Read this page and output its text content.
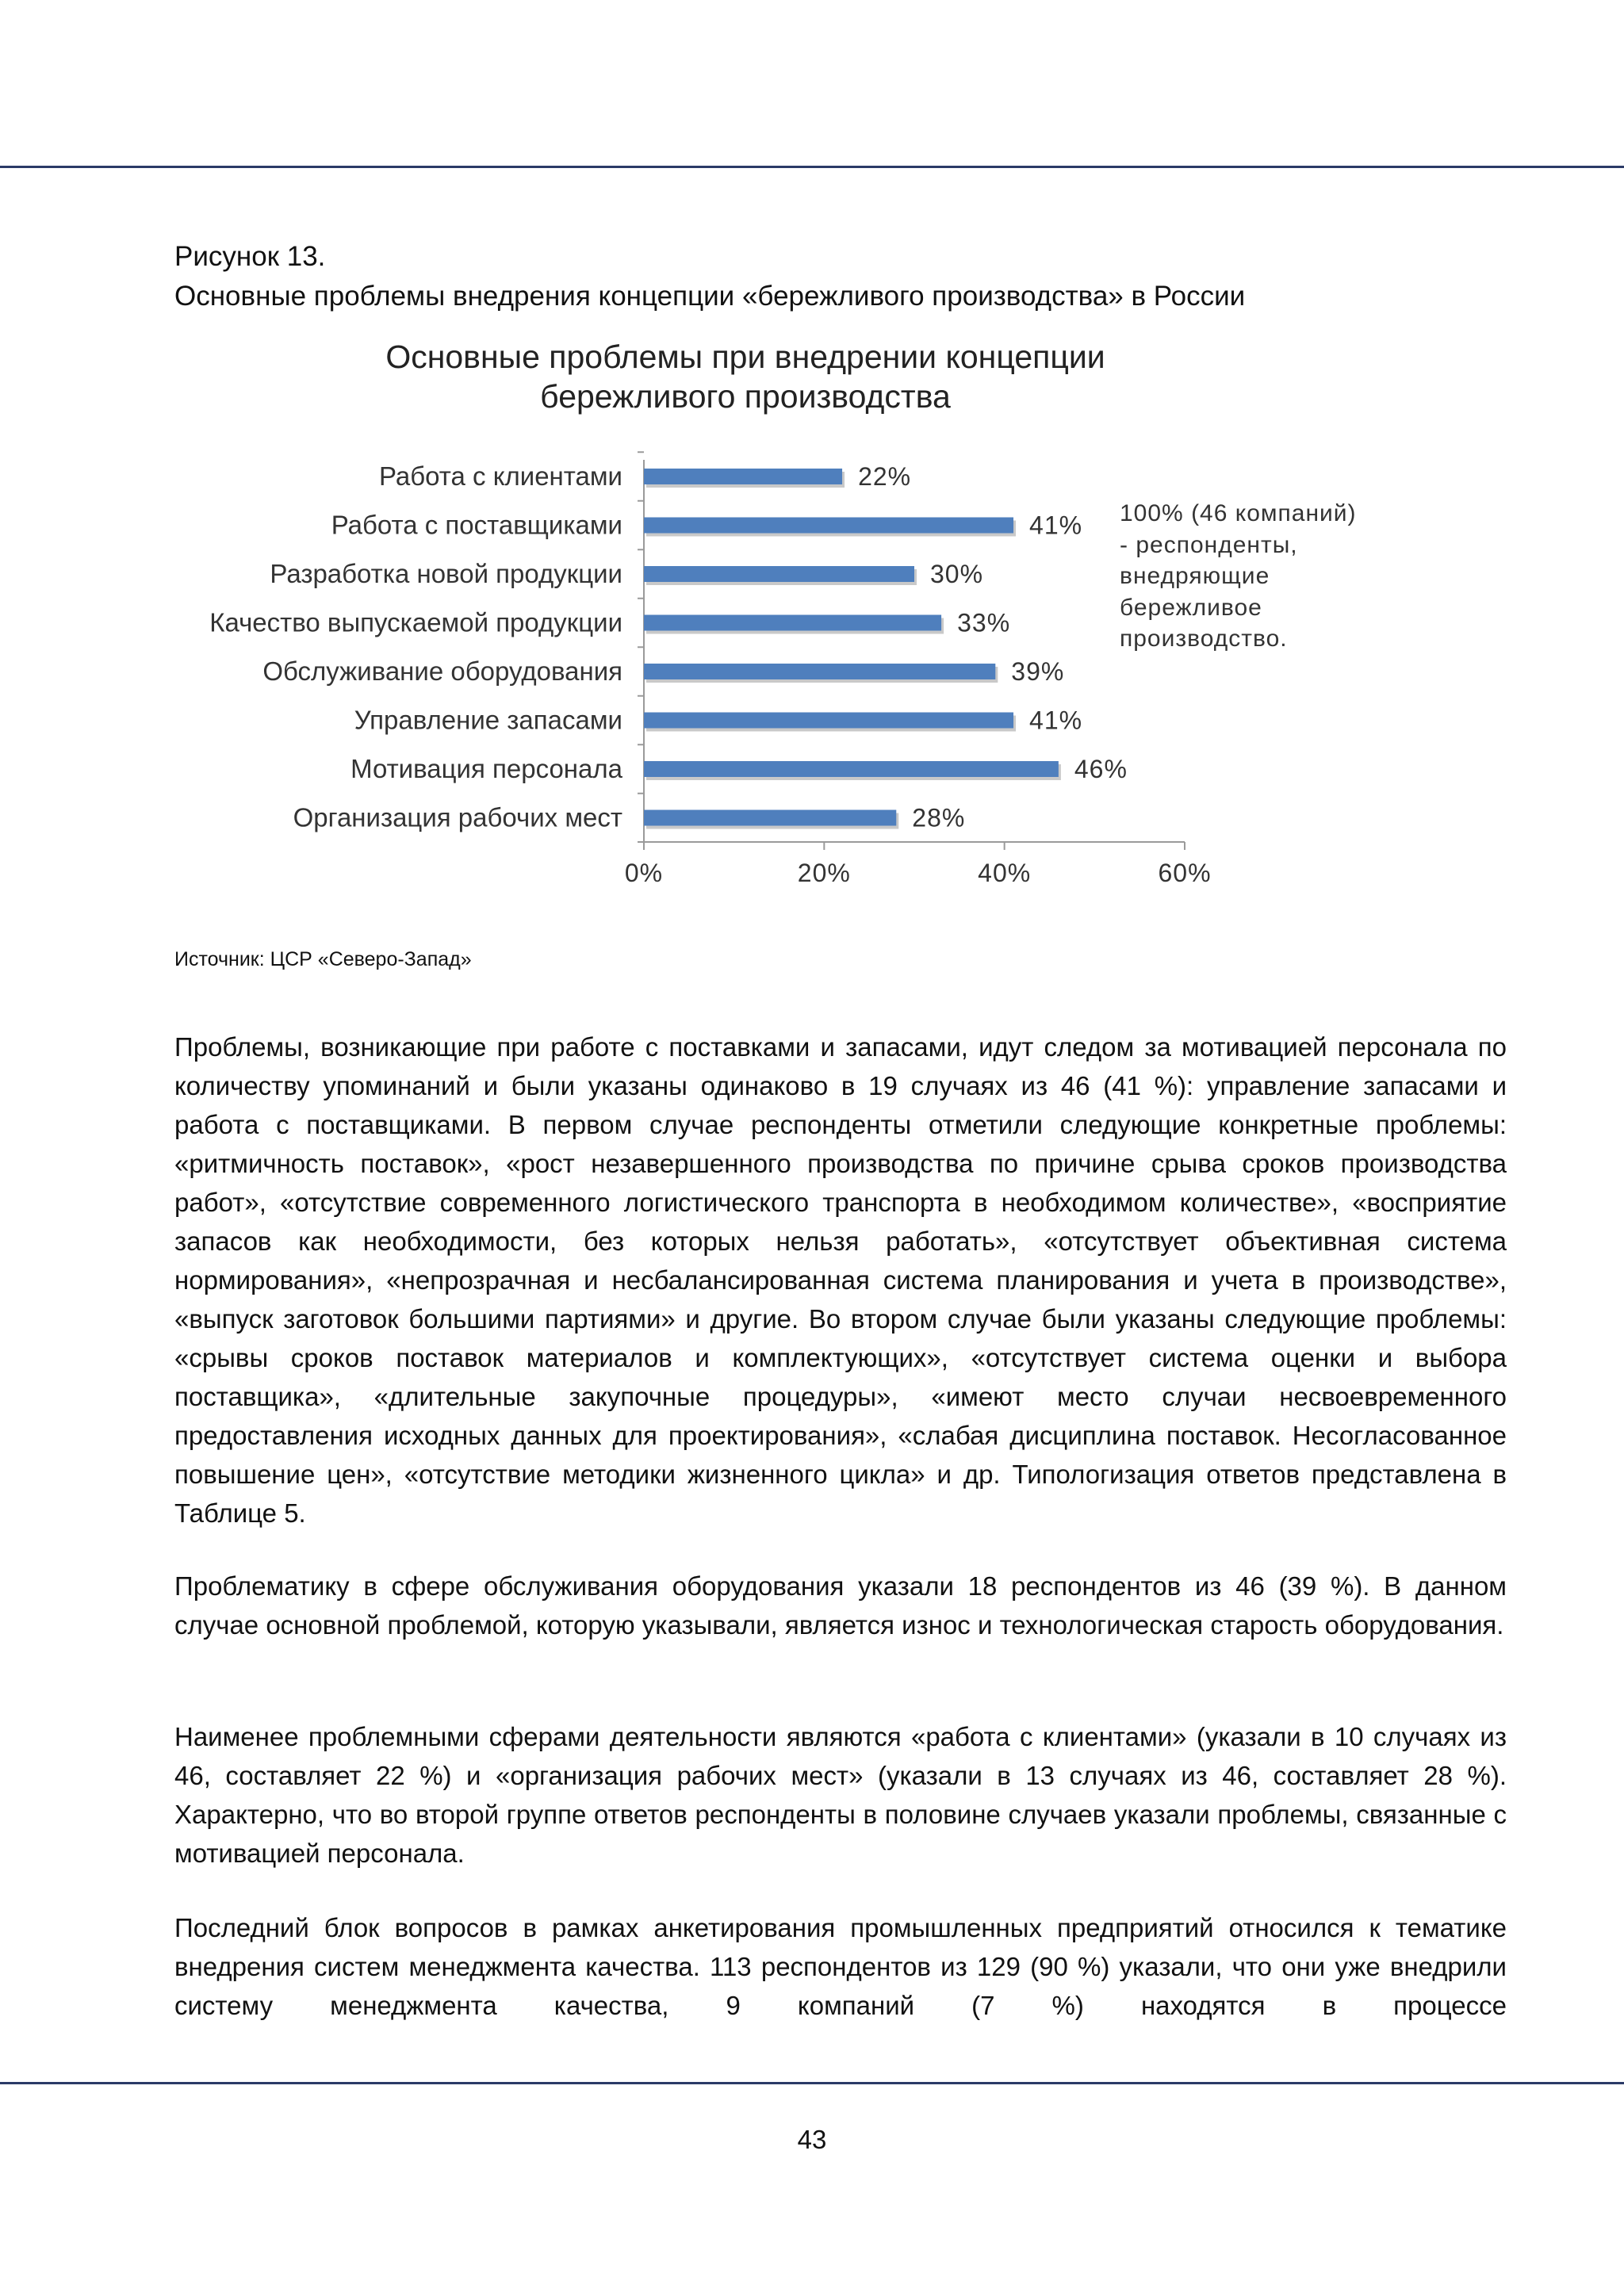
Рисунок 13.
Основные проблемы внедрения концепции «бережливого производства» в России
Основные проблемы при внедрении концепции
бережливого производства
0%	20%	40%	60%
Работа с клиентами	22%
Работа с поставщиками	41%
Разработка новой продукции	30%
Качество выпускаемой продукции	33%
Обслуживание оборудования	39%
Управление запасами	41%
Мотивация персонала	46%
Организация рабочих мест	28%
100% (46 компаний) - респонденты, внедряющие бережливое производство.
Источник: ЦСР «Северо-Запад»

Проблемы, возникающие при работе с поставками и запасами, идут следом за мотивацией персонала по количеству упоминаний и были указаны одинаково в 19 случаях из 46 (41 %): управление запасами и работа с поставщиками. В первом случае респонденты отметили следующие конкретные проблемы: «ритмичность поставок», «рост незавершенного производства по причине срыва сроков производства работ», «отсутствие современного логистического транспорта в необходимом количестве», «восприятие запасов как необходимости, без которых нельзя работать», «отсутствует объективная система нормирования», «непрозрачная и несбалансированная система планирования и учета в производстве», «выпуск заготовок большими партиями» и другие. Во втором случае были указаны следующие проблемы: «срывы сроков поставок материалов и комплектующих», «отсутствует система оценки и выбора поставщика», «длительные закупочные процедуры», «имеют место случаи несвоевременного предоставления исходных данных для проектирования», «слабая дисциплина поставок. Несогласованное повышение цен», «отсутствие методики жизненного цикла» и др. Типологизация ответов представлена в Таблице 5.

Проблематику в сфере обслуживания оборудования указали 18 респондентов из 46 (39 %). В данном случае основной проблемой, которую указывали, является износ и технологическая старость оборудования.

Наименее проблемными сферами деятельности являются «работа с клиентами» (указали в 10 случаях из 46, составляет 22 %) и «организация рабочих мест» (указали в 13 случаях из 46, составляет 28 %). Характерно, что во второй группе ответов респонденты в половине случаев указали проблемы, связанные с мотивацией персонала.

Последний блок вопросов в рамках анкетирования промышленных предприятий относился к тематике внедрения систем менеджмента качества. 113 респондентов из 129 (90 %) указали, что они уже внедрили систему менеджмента качества, 9 компаний (7 %) находятся в процессе

43
